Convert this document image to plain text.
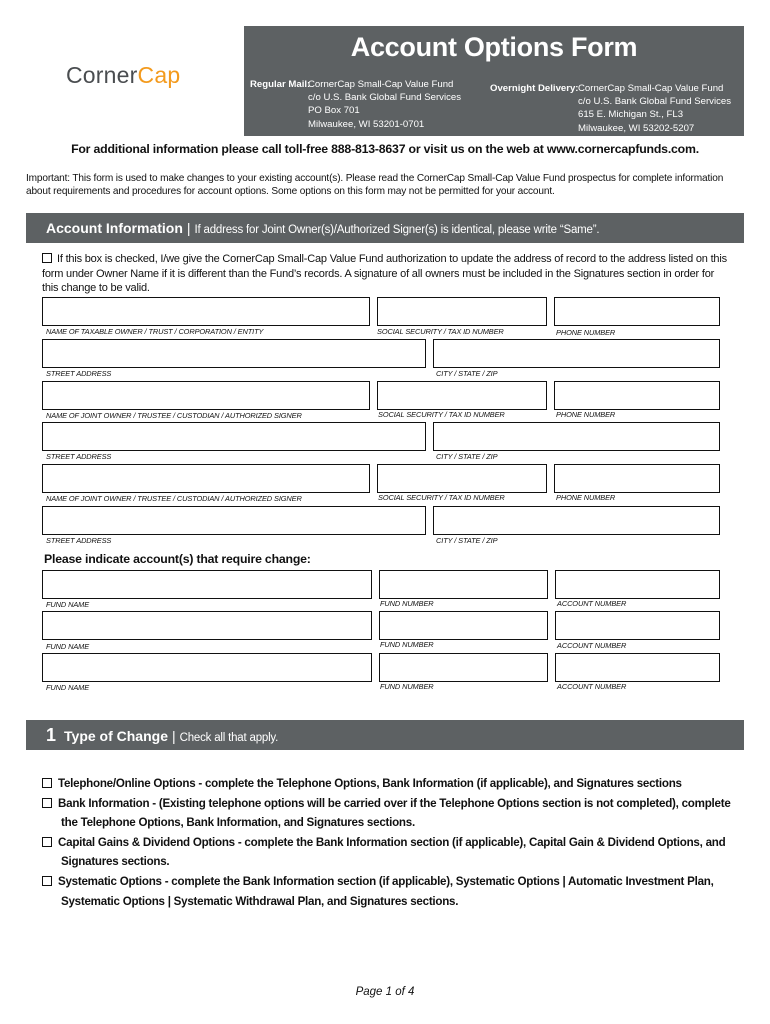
CornerCap
Account Options Form
Regular Mail:
CornerCap Small-Cap Value Fund
c/o U.S. Bank Global Fund Services
PO Box 701
Milwaukee, WI 53201-0701
Overnight Delivery: CornerCap Small-Cap Value Fund
c/o U.S. Bank Global Fund Services
615 E. Michigan St., FL3
Milwaukee, WI 53202-5207
For additional information please call toll-free 888-813-8637 or visit us on the web at www.cornercapfunds.com.
Important: This form is used to make changes to your existing account(s). Please read the CornerCap Small-Cap Value Fund prospectus for complete information about requirements and procedures for account options. Some options on this form may not be permitted for your account.
Account Information | If address for Joint Owner(s)/Authorized Signer(s) is identical, please write “Same”.
If this box is checked, I/we give the CornerCap Small-Cap Value Fund authorization to update the address of record to the address listed on this form under Owner Name if it is different than the Fund’s records. A signature of all owners must be included in the Signatures section in order for this change to be valid.
NAME OF TAXABLE OWNER / TRUST / CORPORATION / ENTITY	SOCIAL SECURITY / TAX ID NUMBER	PHONE NUMBER
STREET ADDRESS	CITY / STATE / ZIP
NAME OF JOINT OWNER / TRUSTEE / CUSTODIAN / AUTHORIZED SIGNER	SOCIAL SECURITY / TAX ID NUMBER	PHONE NUMBER
STREET ADDRESS	CITY / STATE / ZIP
NAME OF JOINT OWNER / TRUSTEE / CUSTODIAN / AUTHORIZED SIGNER	SOCIAL SECURITY / TAX ID NUMBER	PHONE NUMBER
STREET ADDRESS	CITY / STATE / ZIP
Please indicate account(s) that require change:
FUND NAME	FUND NUMBER	ACCOUNT NUMBER
FUND NAME	FUND NUMBER	ACCOUNT NUMBER
FUND NAME	FUND NUMBER	ACCOUNT NUMBER
1 Type of Change | Check all that apply.
Telephone/Online Options - complete the Telephone Options, Bank Information (if applicable), and Signatures sections
Bank Information - (Existing telephone options will be carried over if the Telephone Options section is not completed), complete the Telephone Options, Bank Information, and Signatures sections.
Capital Gains & Dividend Options - complete the Bank Information section (if applicable), Capital Gain & Dividend Options, and Signatures sections.
Systematic Options - complete the Bank Information section (if applicable), Systematic Options | Automatic Investment Plan, Systematic Options | Systematic Withdrawal Plan, and Signatures sections.
Page 1 of 4
